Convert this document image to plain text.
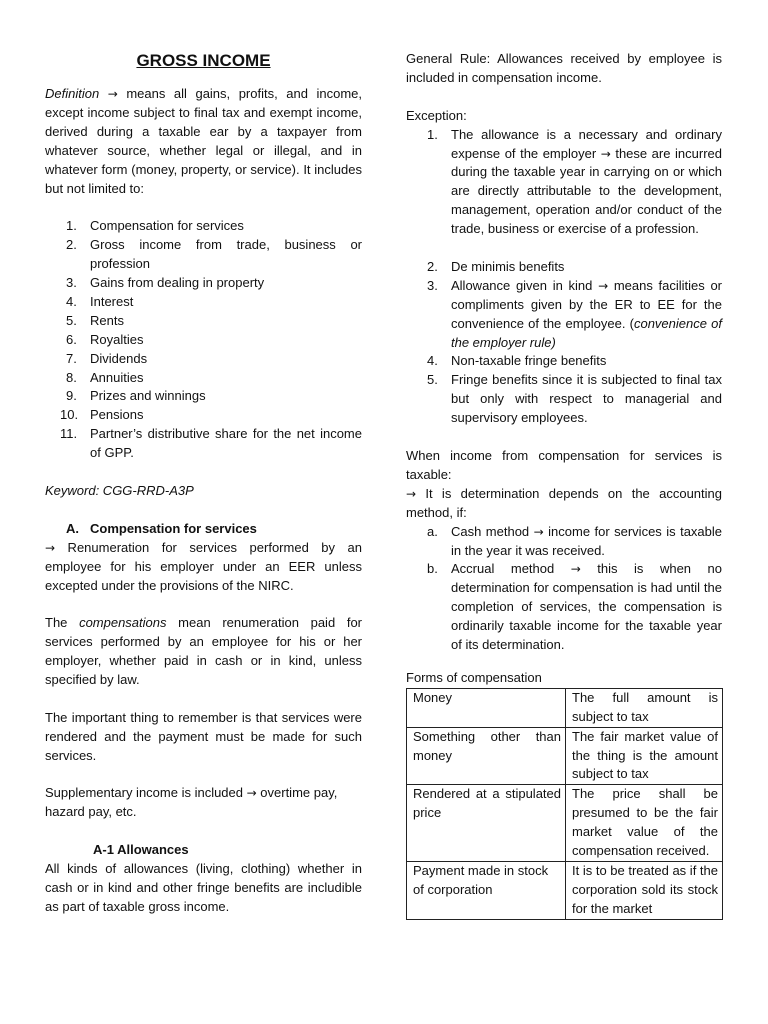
GROSS INCOME

Definition → means all gains, profits, and income, except income subject to final tax and exempt income, derived during a taxable ear by a taxpayer from whatever source, whether legal or illegal, and in whatever form (money, property, or service). It includes but not limited to:

1. Compensation for services
2. Gross income from trade, business or profession
3. Gains from dealing in property
4. Interest
5. Rents
6. Royalties
7. Dividends
8. Annuities
9. Prizes and winnings
10. Pensions
11. Partner’s distributive share for the net income of GPP.

Keyword: CGG-RRD-A3P

A. Compensation for services

→ Renumeration for services performed by an employee for his employer under an EER unless excepted under the provisions of the NIRC.

The compensations mean renumeration paid for services performed by an employee for his or her employer, whether paid in cash or in kind, unless specified by law.

The important thing to remember is that services were rendered and the payment must be made for such services.

Supplementary income is included → overtime pay, hazard pay, etc.

A-1 Allowances

All kinds of allowances (living, clothing) whether in cash or in kind and other fringe benefits are includible as part of taxable gross income.

General Rule: Allowances received by employee is included in compensation income.

Exception:

1. The allowance is a necessary and ordinary expense of the employer → these are incurred during the taxable year in carrying on or which are directly attributable to the development, management, operation and/or conduct of the trade, business or exercise of a profession.
2. De minimis benefits
3. Allowance given in kind → means facilities or compliments given by the ER to EE for the convenience of the employee. (convenience of the employer rule)
4. Non-taxable fringe benefits
5. Fringe benefits since it is subjected to final tax but only with respect to managerial and supervisory employees.

When income from compensation for services is taxable:

→ It is determination depends on the accounting method, if:

a. Cash method → income for services is taxable in the year it was received.
b. Accrual method → this is when no determination for compensation is had until the completion of services, the compensation is ordinarily taxable income for the taxable year of its determination.

Forms of compensation

Money	The full amount is subject to tax
Something other than money	The fair market value of the thing is the amount subject to tax
Rendered at a stipulated price	The price shall be presumed to be the fair market value of the compensation received.
Payment made in stock of corporation	It is to be treated as if the corporation sold its stock for the market
